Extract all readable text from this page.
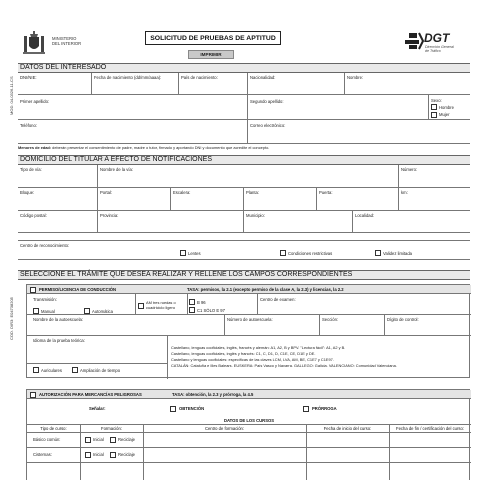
MINISTERIO
DEL INTERIOR
SOLICITUD DE PRUEBAS DE APTITUD
IMPRIMIR
DGT
Dirección General
de Tráfico
MOD. 04-0326-11-CS
COD. DIR3: E04738205
DATOS DEL INTERESADO
DNI/NIE:	Fecha de nacimiento (dd/mm/aaaa):	País de nacimiento:	Nacionalidad:	Nombre:
Primer apellido:	Segundo apellido:	Sexo:
Hombre
Mujer
Teléfono:	Correo electrónico:
Menores de edad: deberán presentar el consentimiento de padre, madre o tutor, firmado y aportando DNI y documento que acredite el concepto.
DOMICILIO DEL TITULAR A EFECTO DE NOTIFICACIONES
Tipo de vía:	Nombre de la vía:	Número:
Bloque:	Portal:	Escalera:	Planta:	Puerta:	km:
Código postal:	Provincia:	Municipio:	Localidad:
Centro de reconocimiento:
Lentes	Condiciones restrictivas	Validez limitada
SELECCIONE EL TRÁMITE QUE DESEA REALIZAR Y RELLENE LOS CAMPOS CORRESPONDIENTES
PERMISO/LICENCIA DE CONDUCCIÓN	TASA: permisos, la 2.1 (excepto permiso de la clase A, la 2.3) y licencias, la 2.2
Transmisión:
Manual	Automática
AM tres ruedas o cuadriciclo ligero
B 96
C1 SÓLO E 97
Centro de examen:
Nombre de la autoescuela:	Número de autoescuela:	Sección:	Dígito de control:
Idioma de la prueba teórica:
Castellano, lenguas cooficiales, inglés, francés y alemán: A1, A2, B y BPV. "Lectura fácil": A1, A2 y B.
Castellano, lenguas cooficiales, inglés y francés: C1, C, D1, D, C1E, CE, D1E y DE.
Castellano y lenguas cooficiales: específicas de las claves LCM, LVA, AM, BE, C1E7 y C1E97.
CATALÁN: Cataluña e Illes Balears. EUSKERA: País Vasco y Navarra. GALLEGO: Galicia. VALENCIANO: Comunidad Valenciana.
Auriculares	Ampliación de tiempo
AUTORIZACIÓN PARA MERCANCÍAS PELIGROSAS	TASA: obtención, la 2.3 y prórroga, la 4.5
Señalar:	OBTENCIÓN	PRÓRROGA
DATOS DE LOS CURSOS
Tipo de curso:	Formación:	Centro de formación:	Fecha de inicio del curso:	Fecha de fin / certificación del curso:
Básico común:	Inicial	Reciclaje
Cisternas:	Inicial	Reciclaje
